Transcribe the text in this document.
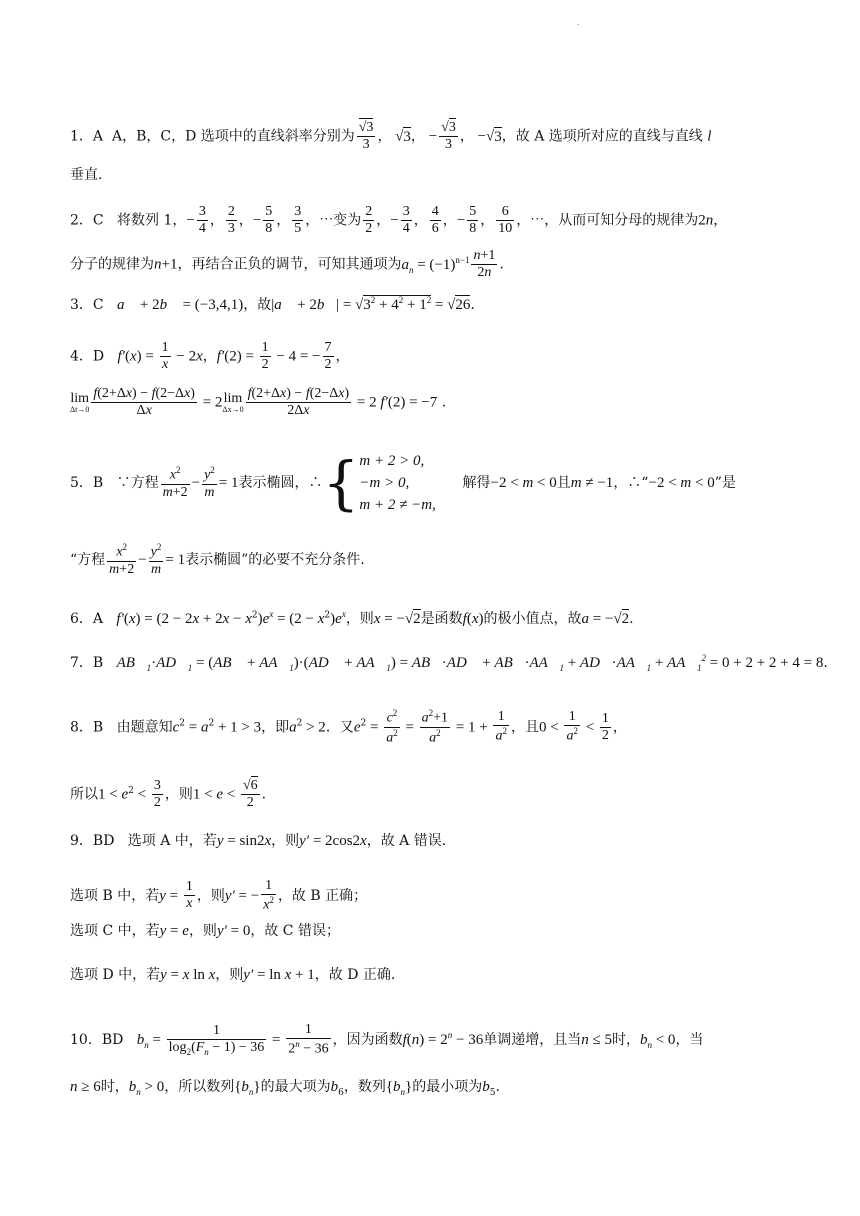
.
1．A A，B，C，D 选项中的直线斜率分别为 $\frac{√3}{3}$ ， √3， − $\frac{√3}{3}$ ， −√3，故 A 选项所对应的直线与直线 l
垂直.
2．C 将数列 1，− $\frac{3}{4}$ ， $\frac{2}{3}$ ，− $\frac{5}{8}$ ， $\frac{3}{5}$ ，⋯变为 $\frac{2}{2}$ ，− $\frac{3}{4}$ ， $\frac{4}{6}$ ，− $\frac{5}{8}$ ， $\frac{6}{10}$ ，⋯，从而可知分母的规律为2n，
分子的规律为n+1，再结合正负的调节，可知其通项为$a_n = (-1)^{n-1} \frac{n+1}{2n}$ .
3．C a⃗ + 2b⃗ = (−3,4,1)，故|a⃗ + 2b⃗| = $√3^2 + 4^2 + 1^2 = √26$.
4．D $f'(x) = \frac{1}{x} - 2x$，$f'(2) = \frac{1}{2} - 4$ = − $\frac{7}{2}$ ，
lim
$\Delta t\to 0 \frac{f(2+\Delta x) - f(2-\Delta x)}{\Delta x} = 2$ lim
$\Delta x\to 0 \frac{f(2+\Delta x) - f(2-\Delta x)}{2\Delta x} = 2$ f′(2) = −7 .
5．B   ∵方程 $\frac{x^2}{m+2} - \frac{y^2}{m} = 1$表示椭圆，∴{ m + 2 > 0,
−m > 0,
m + 2 ≠ −m,
解得−2 < m < 0且m ≠ −1，∴“−2 < m < 0”是
“方程 $\frac{x^2}{m+2} - \frac{y^2}{m} = 1$表示椭圆”的必要不充分条件.
6．A $f'(x) = (2 - 2x + 2x - x^2)e^x = (2 - x^2)e^x$，则x = −√2是函数f(x)的极小值点，故a = −√2.
7．B $AB⃗_1\cdot AD⃗_1$ = (AB⃗ + $AA⃗_1)\cdot(AD⃗$ + $AA⃗_1$) = AB⃗·AD⃗ + $AB⃗\cdot AA⃗_1$ + $AD⃗\cdot AA⃗_1$ + $AA⃗_1^2 = 0 + 2 + 2 + 4 = 8$.
8．B   由题意知$c^2 = a^2 + 1 > 3$，即$a^2 > 2$．又$e^2 = \frac{c^2}{a^2} = \frac{a^2+1}{a^2} = 1 + \frac{1}{a^2}$ ，且$0 < \frac{1}{a^2} < \frac{1}{2}$ ，
所以$1 < e^2 < \frac{3}{2}$ ，则$1 < e < \frac{√6}{2}$ .
9．BD   选项 A 中，若y = sin2x，则y′ = 2cos2x，故 A 错误.
选项 B 中，若$y = \frac{1}{x}$ ，则y′ = − $\frac{1}{x^2}$ ，故 B 正确；
选项 C 中，若y = e，则y′ = 0，故 C 错误；
选项 D 中，若y = x ln x，则y′ = ln x + 1，故 D 正确.
10．BD $b_n = \frac{1}{\log_2(F_n - 1) - 36} = \frac{1}{2^n - 36}$ ，因为函数$f(n) = 2^n - 36$单调递增，且当n ≤ 5时，$b_n < 0$，当
n ≥ 6时，$b_n > 0$，所以数列$\{b_n\}$的最大项为$b_6$，数列$\{b_n\}$的最小项为$b_5$.
